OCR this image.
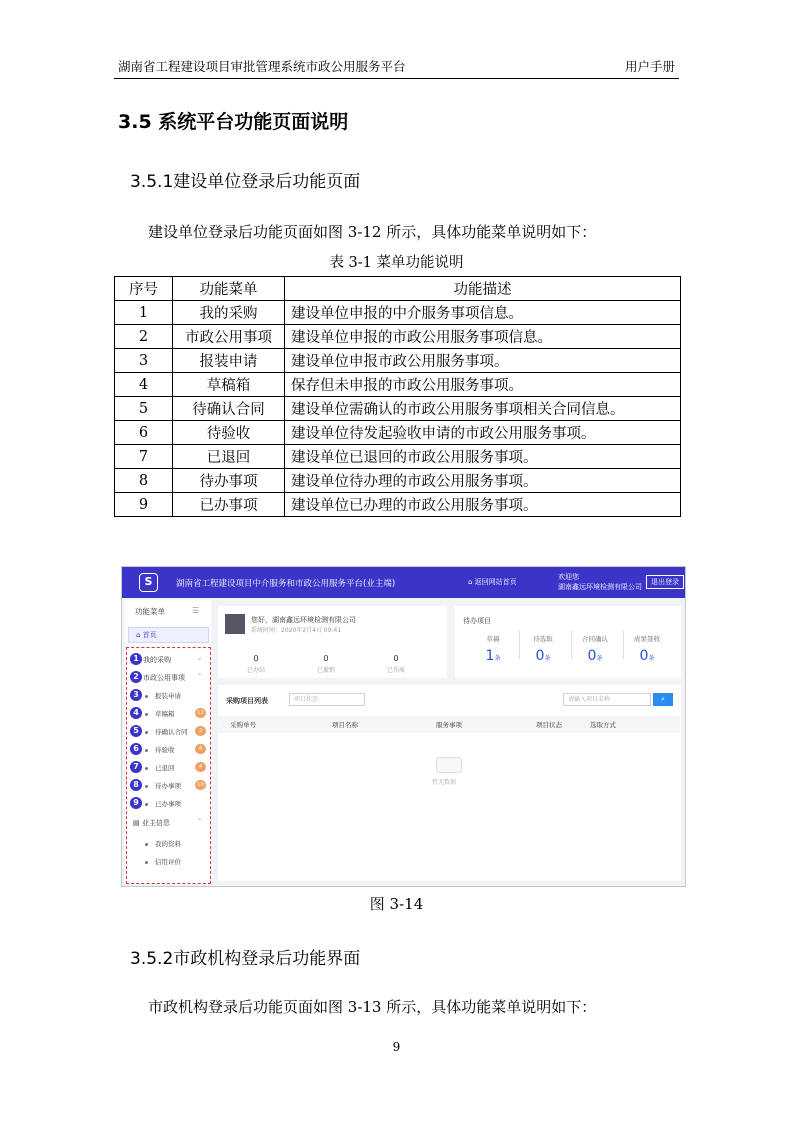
湖南省工程建设项目审批管理系统市政公用服务平台	用户手册
3.5 系统平台功能页面说明
3.5.1建设单位登录后功能页面
建设单位登录后功能页面如图 3-12 所示，具体功能菜单说明如下：
表 3-1 菜单功能说明
序号	功能菜单	功能描述
1	我的采购	建设单位申报的中介服务事项信息。
2	市政公用事项	建设单位申报的市政公用服务事项信息。
3	报装申请	建设单位申报市政公用服务事项。
4	草稿箱	保存但未申报的市政公用服务事项。
5	待确认合同	建设单位需确认的市政公用服务事项相关合同信息。
6	待验收	建设单位待发起验收申请的市政公用服务事项。
7	已退回	建设单位已退回的市政公用服务事项。
8	待办事项	建设单位待办理的市政公用服务事项。
9	已办事项	建设单位已办理的市政公用服务事项。
S	湖南省工程建设项目中介服务和市政公用服务平台(业主端)	⌂ 返回网站首页
欢迎您
湖南鑫远环境检测有限公司
退出登录
功能菜单	☰
⌂ 首页
1 我的采购	⌄
2 市政公用事项 ⌃
3	报装申请
4	草稿箱	12
5	待确认合同	2
6	待验收	4
7	已退回	4
8	待办事项	10
9	已办事项
▤ 业主信息	⌃
我的资料
信用评价
您好，湖南鑫远环境检测有限公司
系统时间：2020年2月4日 09:41
0
已办结
0
已撤销
0
已作废
待办项目
草稿
1条
待选取
0条
合同确认
0条
成果签收
0条
采购项目列表	项目状态	请输入项目名称	⌕
采购单号	项目名称	服务事项	项目状态	选取方式
暂无数据
图 3-14
3.5.2市政机构登录后功能界面
市政机构登录后功能页面如图 3-13 所示，具体功能菜单说明如下：
9
